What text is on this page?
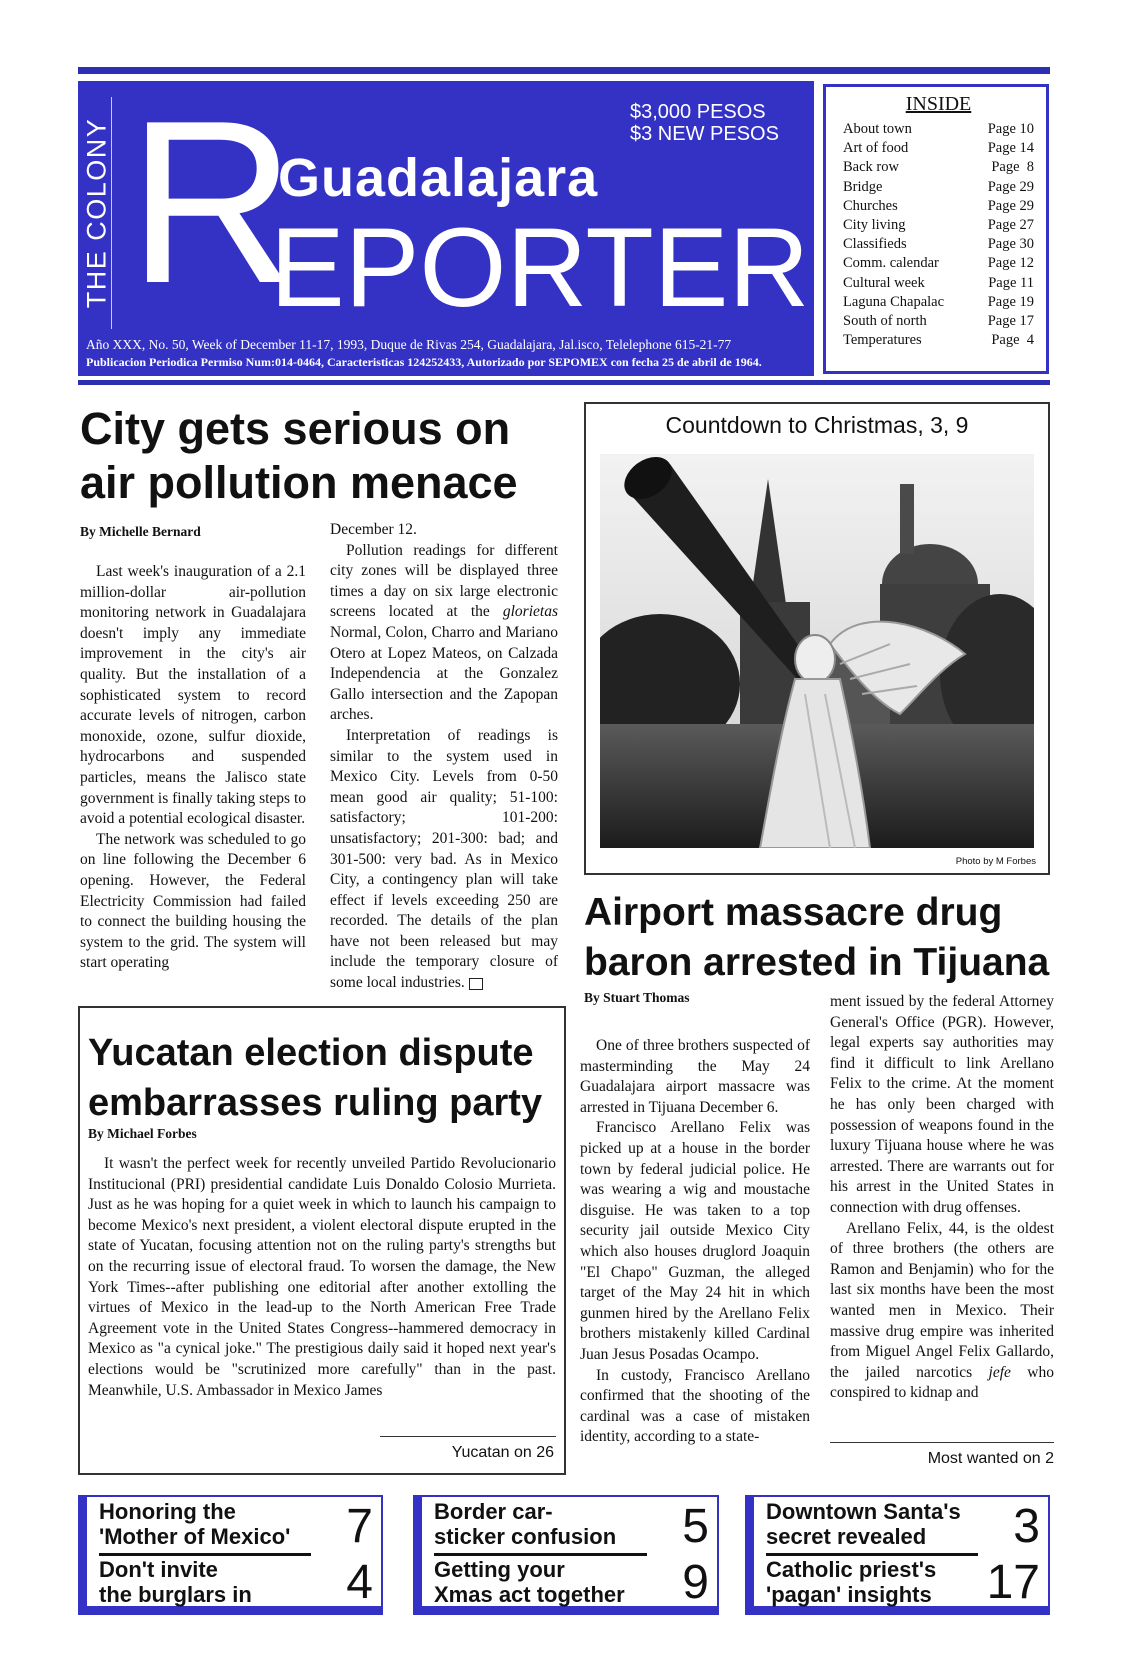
THE COLONY R
Guadalajara
EPORTER
$3,000 PESOS
$3 NEW PESOS
Año XXX, No. 50, Week of December 11-17, 1993, Duque de Rivas 254, Guadalajara, Jal.isco, Telelephone 615-21-77
Publicacion Periodica Permiso Num:014-0464, Caracteristicas 124252433, Autorizado por SEPOMEX con fecha 25 de abril de 1964.
INSIDE
About town	Page 10
Art of food	Page 14
Back row	Page  8
Bridge	Page 29
Churches	Page 29
City living	Page 27
Classifieds	Page 30
Comm. calendar	Page 12
Cultural week	Page 11
Laguna Chapalac	Page 19
South of north	Page 17
Temperatures	Page  4
City gets serious on
air pollution menace
By Michelle Bernard

Last week's inauguration of a 2.1 million-dollar air-pollution monitoring network in Guadalajara doesn't imply any immediate improvement in the city's air quality. But the installation of a sophisticated system to record accurate levels of nitrogen, carbon monoxide, ozone, sulfur dioxide, hydrocarbons and suspended particles, means the Jalisco state government is finally taking steps to avoid a potential ecological disaster.

The network was scheduled to go on line following the December 6 opening. However, the Federal Electricity Commission had failed to connect the building housing the system to the grid. The system will start operating

December 12.

Pollution readings for different city zones will be displayed three times a day on six large electronic screens located at the glorietas Normal, Colon, Charro and Mariano Otero at Lopez Mateos, on Calzada Independencia at the Gonzalez Gallo intersection and the Zapopan arches.

Interpretation of readings is similar to the system used in Mexico City. Levels from 0-50 mean good air quality; 51-100: satisfactory; 101-200: unsatisfactory; 201-300: bad; and 301-500: very bad. As in Mexico City, a contingency plan will take effect if levels exceeding 250 are recorded. The details of the plan have not been released but may include the temporary closure of some local industries.

Countdown to Christmas, 3, 9
Photo by M Forbes
Airport massacre drug
baron arrested in Tijuana
By Stuart Thomas

One of three brothers suspected of masterminding the May 24 Guadalajara airport massacre was arrested in Tijuana December 6.

Francisco Arellano Felix was picked up at a house in the border town by federal judicial police. He was wearing a wig and moustache disguise. He was taken to a top security jail outside Mexico City which also houses druglord Joaquin "El Chapo" Guzman, the alleged target of the May 24 hit in which gunmen hired by the Arellano Felix brothers mistakenly killed Cardinal Juan Jesus Posadas Ocampo.

In custody, Francisco Arellano confirmed that the shooting of the cardinal was a case of mistaken identity, according to a state-

ment issued by the federal Attorney General's Office (PGR). However, legal experts say authorities may find it difficult to link Arellano Felix to the crime. At the moment he has only been charged with possession of weapons found in the luxury Tijuana house where he was arrested. There are warrants out for his arrest in the United States in connection with drug offenses.

Arellano Felix, 44, is the oldest of three brothers (the others are Ramon and Benjamin) who for the last six months have been the most wanted men in Mexico. Their massive drug empire was inherited from Miguel Angel Felix Gallardo, the jailed narcotics jefe who conspired to kidnap and

Most wanted on 2
Yucatan election dispute
embarrasses ruling party
By Michael Forbes

It wasn't the perfect week for recently unveiled Partido Revolucionario Institucional (PRI) presidential candidate Luis Donaldo Colosio Murrieta. Just as he was hoping for a quiet week in which to launch his campaign to become Mexico's next president, a violent electoral dispute erupted in the state of Yucatan, focusing attention not on the ruling party's strengths but on the recurring issue of electoral fraud. To worsen the damage, the New York Times--after publishing one editorial after another extolling the virtues of Mexico in the lead-up to the North American Free Trade Agreement vote in the United States Congress--hammered democracy in Mexico as "a cynical joke." The prestigious daily said it hoped next year's elections would be "scrutinized more carefully" than in the past. Meanwhile, U.S. Ambassador in Mexico James

Yucatan on 26
Honoring the
'Mother of Mexico'	7
Don't invite
the burglars in	4
Border car-
sticker confusion	5
Getting your
Xmas act together	9
Downtown Santa's
secret revealed	3
Catholic priest's
'pagan' insights	17
